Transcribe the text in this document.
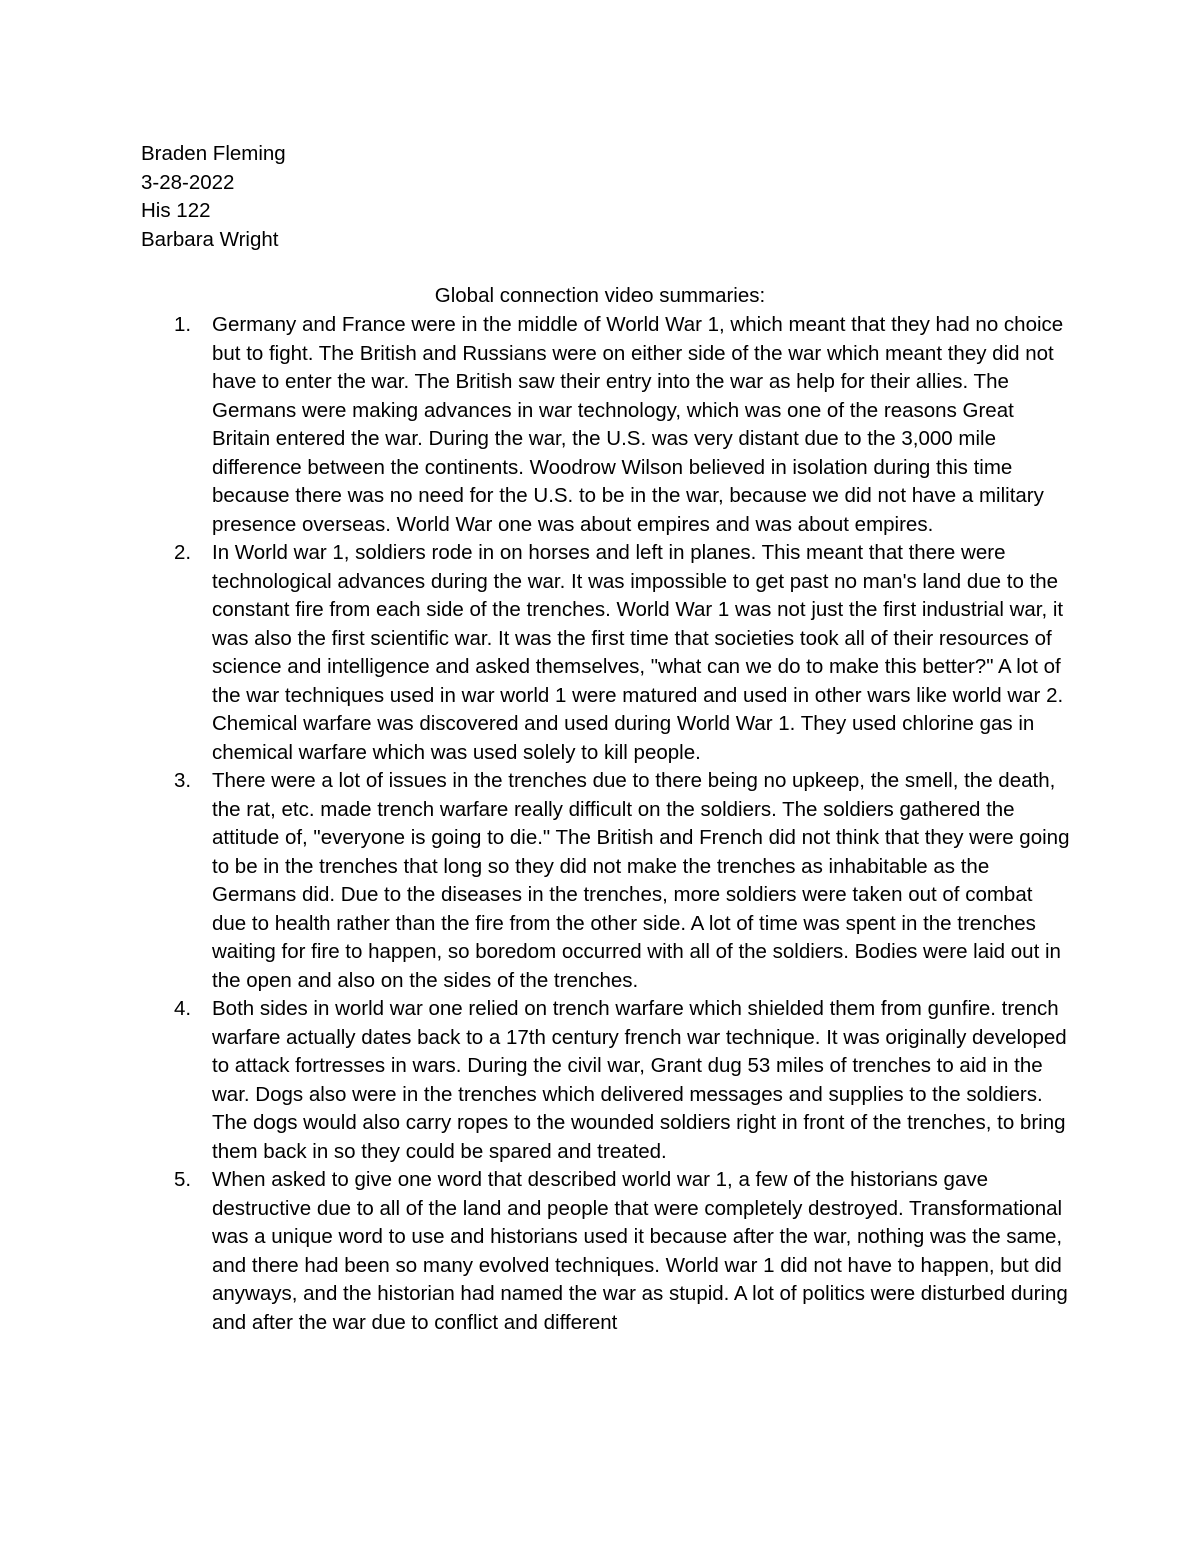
Braden Fleming
3-28-2022
His 122
Barbara Wright
Global connection video summaries:
1. Germany and France were in the middle of World War 1, which meant that they had no choice but to fight. The British and Russians were on either side of the war which meant they did not have to enter the war. The British saw their entry into the war as help for their allies. The Germans were making advances in war technology, which was one of the reasons Great Britain entered the war. During the war, the U.S. was very distant due to the 3,000 mile difference between the continents. Woodrow Wilson believed in isolation during this time because there was no need for the U.S. to be in the war, because we did not have a military presence overseas. World War one was about empires and was about empires.
2. In World war 1, soldiers rode in on horses and left in planes. This meant that there were technological advances during the war. It was impossible to get past no man's land due to the constant fire from each side of the trenches. World War 1 was not just the first industrial war, it was also the first scientific war. It was the first time that societies took all of their resources of science and intelligence and asked themselves, "what can we do to make this better?" A lot of the war techniques used in war world 1 were matured and used in other wars like world war 2. Chemical warfare was discovered and used during World War 1. They used chlorine gas in chemical warfare which was used solely to kill people.
3. There were a lot of issues in the trenches due to there being no upkeep, the smell, the death, the rat, etc. made trench warfare really difficult on the soldiers. The soldiers gathered the attitude of, "everyone is going to die." The British and French did not think that they were going to be in the trenches that long so they did not make the trenches as inhabitable as the Germans did. Due to the diseases in the trenches, more soldiers were taken out of combat due to health rather than the fire from the other side. A lot of time was spent in the trenches waiting for fire to happen, so boredom occurred with all of the soldiers. Bodies were laid out in the open and also on the sides of the trenches.
4. Both sides in world war one relied on trench warfare which shielded them from gunfire. trench warfare actually dates back to a 17th century french war technique. It was originally developed to attack fortresses in wars. During the civil war, Grant dug 53 miles of trenches to aid in the war. Dogs also were in the trenches which delivered messages and supplies to the soldiers. The dogs would also carry ropes to the wounded soldiers right in front of the trenches, to bring them back in so they could be spared and treated.
5. When asked to give one word that described world war 1, a few of the historians gave destructive due to all of the land and people that were completely destroyed. Transformational was a unique word to use and historians used it because after the war, nothing was the same, and there had been so many evolved techniques. World war 1 did not have to happen, but did anyways, and the historian had named the war as stupid. A lot of politics were disturbed during and after the war due to conflict and different
